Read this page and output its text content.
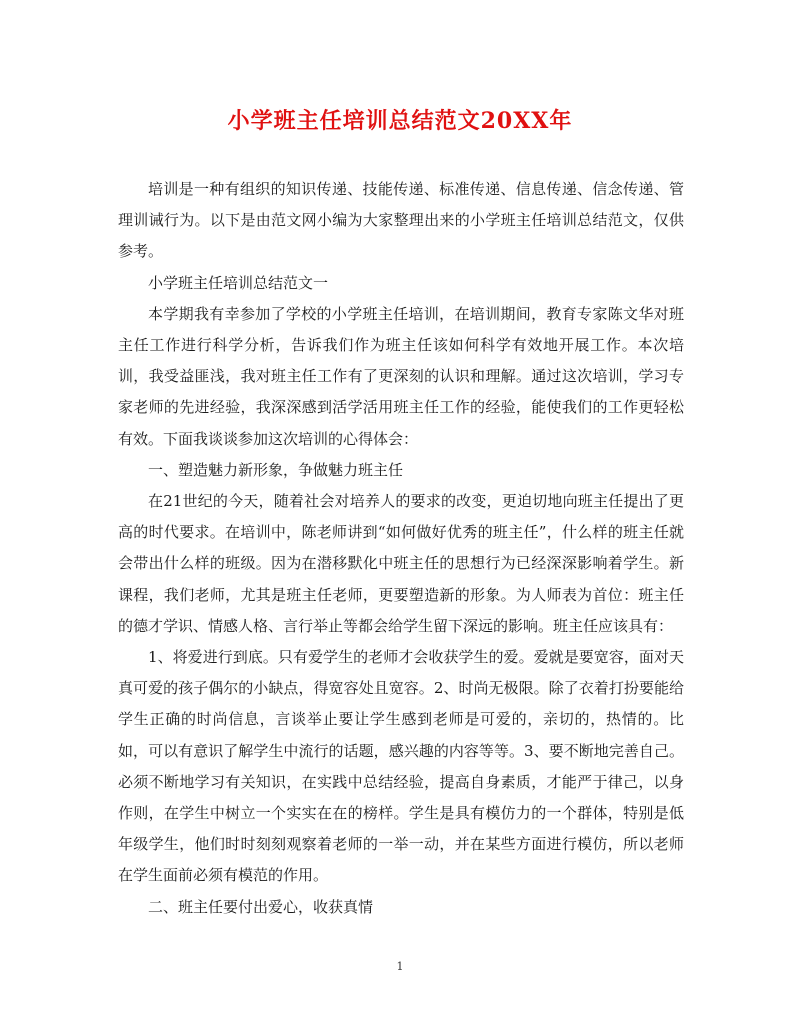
小学班主任培训总结范文20XX年

培训是一种有组织的知识传递、技能传递、标准传递、信息传递、信念传递、管理训诫行为。以下是由范文网小编为大家整理出来的小学班主任培训总结范文，仅供参考。

小学班主任培训总结范文一

本学期我有幸参加了学校的小学班主任培训，在培训期间，教育专家陈文华对班主任工作进行科学分析，告诉我们作为班主任该如何科学有效地开展工作。本次培训，我受益匪浅，我对班主任工作有了更深刻的认识和理解。通过这次培训，学习专家老师的先进经验，我深深感到活学活用班主任工作的经验，能使我们的工作更轻松有效。下面我谈谈参加这次培训的心得体会：

一、塑造魅力新形象，争做魅力班主任

在21世纪的今天，随着社会对培养人的要求的改变，更迫切地向班主任提出了更高的时代要求。在培训中，陈老师讲到“如何做好优秀的班主任”，什么样的班主任就会带出什么样的班级。因为在潜移默化中班主任的思想行为已经深深影响着学生。新课程，我们老师，尤其是班主任老师，更要塑造新的形象。为人师表为首位：班主任的德才学识、情感人格、言行举止等都会给学生留下深远的影响。班主任应该具有：

1、将爱进行到底。只有爱学生的老师才会收获学生的爱。爱就是要宽容，面对天真可爱的孩子偶尔的小缺点，得宽容处且宽容。2、时尚无极限。除了衣着打扮要能给学生正确的时尚信息，言谈举止要让学生感到老师是可爱的，亲切的，热情的。比如，可以有意识了解学生中流行的话题，感兴趣的内容等等。3、要不断地完善自己。必须不断地学习有关知识，在实践中总结经验，提高自身素质，才能严于律己，以身作则，在学生中树立一个实实在在的榜样。学生是具有模仿力的一个群体，特别是低年级学生，他们时时刻刻观察着老师的一举一动，并在某些方面进行模仿，所以老师在学生面前必须有模范的作用。

二、班主任要付出爱心，收获真情

1
